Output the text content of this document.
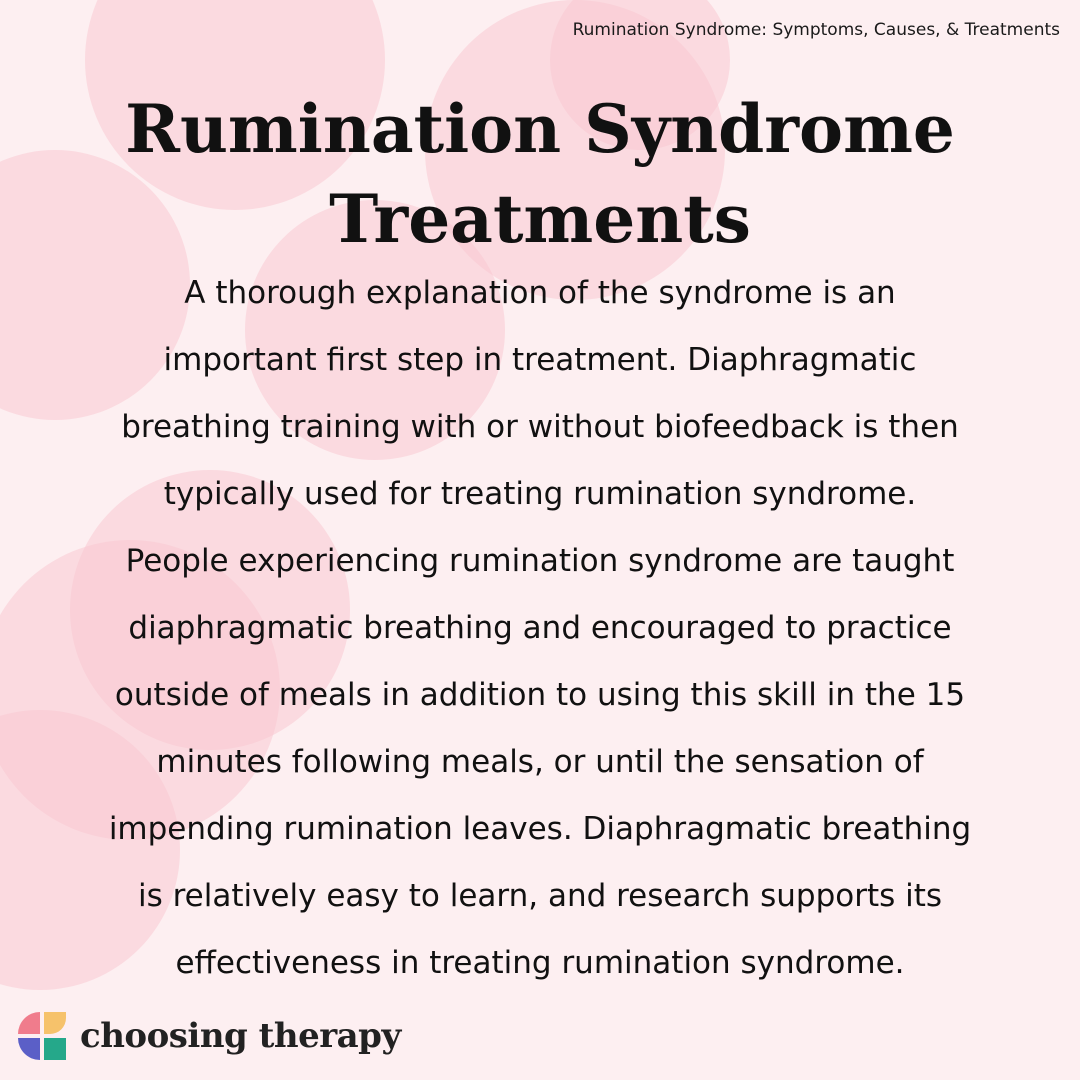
Rumination Syndrome: Symptoms, Causes, & Treatments
Rumination Syndrome
Treatments

A thorough explanation of the syndrome is an
important first step in treatment. Diaphragmatic
breathing training with or without biofeedback is then
typically used for treating rumination syndrome.
People experiencing rumination syndrome are taught
diaphragmatic breathing and encouraged to practice
outside of meals in addition to using this skill in the 15
minutes following meals, or until the sensation of
impending rumination leaves. Diaphragmatic breathing
is relatively easy to learn, and research supports its
effectiveness in treating rumination syndrome.

choosing therapy
